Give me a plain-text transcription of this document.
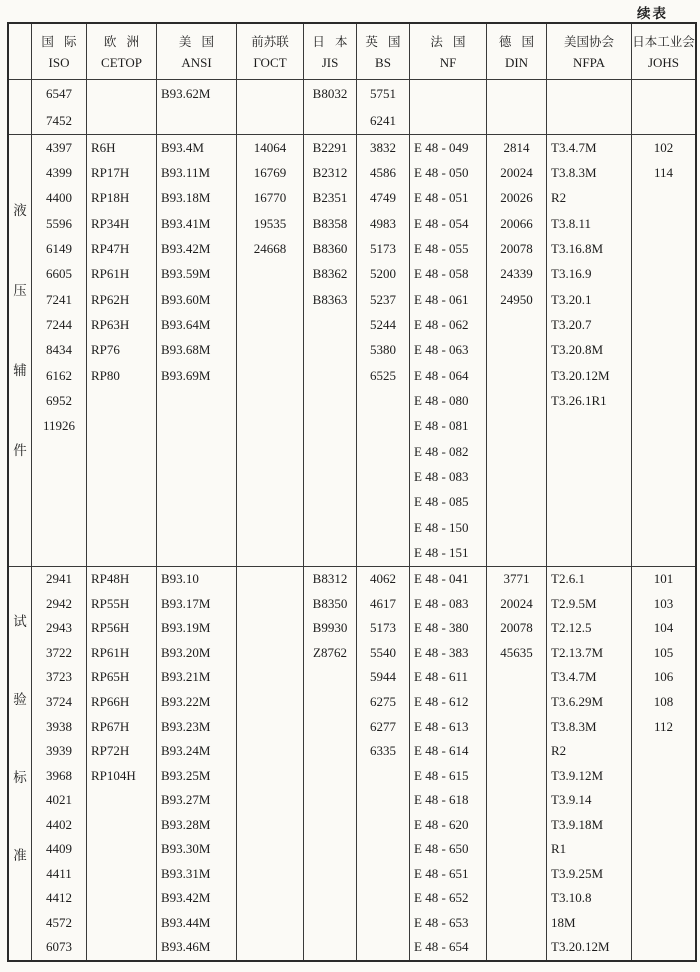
续表
国 际
ISO
欧 洲
CETOP
美 国
ANSI
前苏联
ГОСТ
日 本
JIS
英 国
BS
法 国
NF
德 国
DIN
美国协会
NFPA
日本工业会
JOHS
6547
7452
B93.62M	B8032	5751
6241
液
压
辅
件
4397
4399
4400
5596
6149
6605
7241
7244
8434
6162
6952
11926
R6H
RP17H
RP18H
RP34H
RP47H
RP61H
RP62H
RP63H
RP76
RP80
B93.4M
B93.11M
B93.18M
B93.41M
B93.42M
B93.59M
B93.60M
B93.64M
B93.68M
B93.69M
14064
16769
16770
19535
24668
B2291
B2312
B2351
B8358
B8360
B8362
B8363
3832
4586
4749
4983
5173
5200
5237
5244
5380
6525
E 48 - 049
E 48 - 050
E 48 - 051
E 48 - 054
E 48 - 055
E 48 - 058
E 48 - 061
E 48 - 062
E 48 - 063
E 48 - 064
E 48 - 080
E 48 - 081
E 48 - 082
E 48 - 083
E 48 - 085
E 48 - 150
E 48 - 151
2814
20024
20026
20066
20078
24339
24950
T3.4.7M
T3.8.3M
R2
T3.8.11
T3.16.8M
T3.16.9
T3.20.1
T3.20.7
T3.20.8M
T3.20.12M
T3.26.1R1
102
114
试
验
标
准
2941
2942
2943
3722
3723
3724
3938
3939
3968
4021
4402
4409
4411
4412
4572
6073
RP48H
RP55H
RP56H
RP61H
RP65H
RP66H
RP67H
RP72H
RP104H
B93.10
B93.17M
B93.19M
B93.20M
B93.21M
B93.22M
B93.23M
B93.24M
B93.25M
B93.27M
B93.28M
B93.30M
B93.31M
B93.42M
B93.44M
B93.46M
B8312
B8350
B9930
Z8762
4062
4617
5173
5540
5944
6275
6277
6335
E 48 - 041
E 48 - 083
E 48 - 380
E 48 - 383
E 48 - 611
E 48 - 612
E 48 - 613
E 48 - 614
E 48 - 615
E 48 - 618
E 48 - 620
E 48 - 650
E 48 - 651
E 48 - 652
E 48 - 653
E 48 - 654
3771
20024
20078
45635
T2.6.1
T2.9.5M
T2.12.5
T2.13.7M
T3.4.7M
T3.6.29M
T3.8.3M
R2
T3.9.12M
T3.9.14
T3.9.18M
R1
T3.9.25M
T3.10.8
18M
T3.20.12M
101
103
104
105
106
108
112
